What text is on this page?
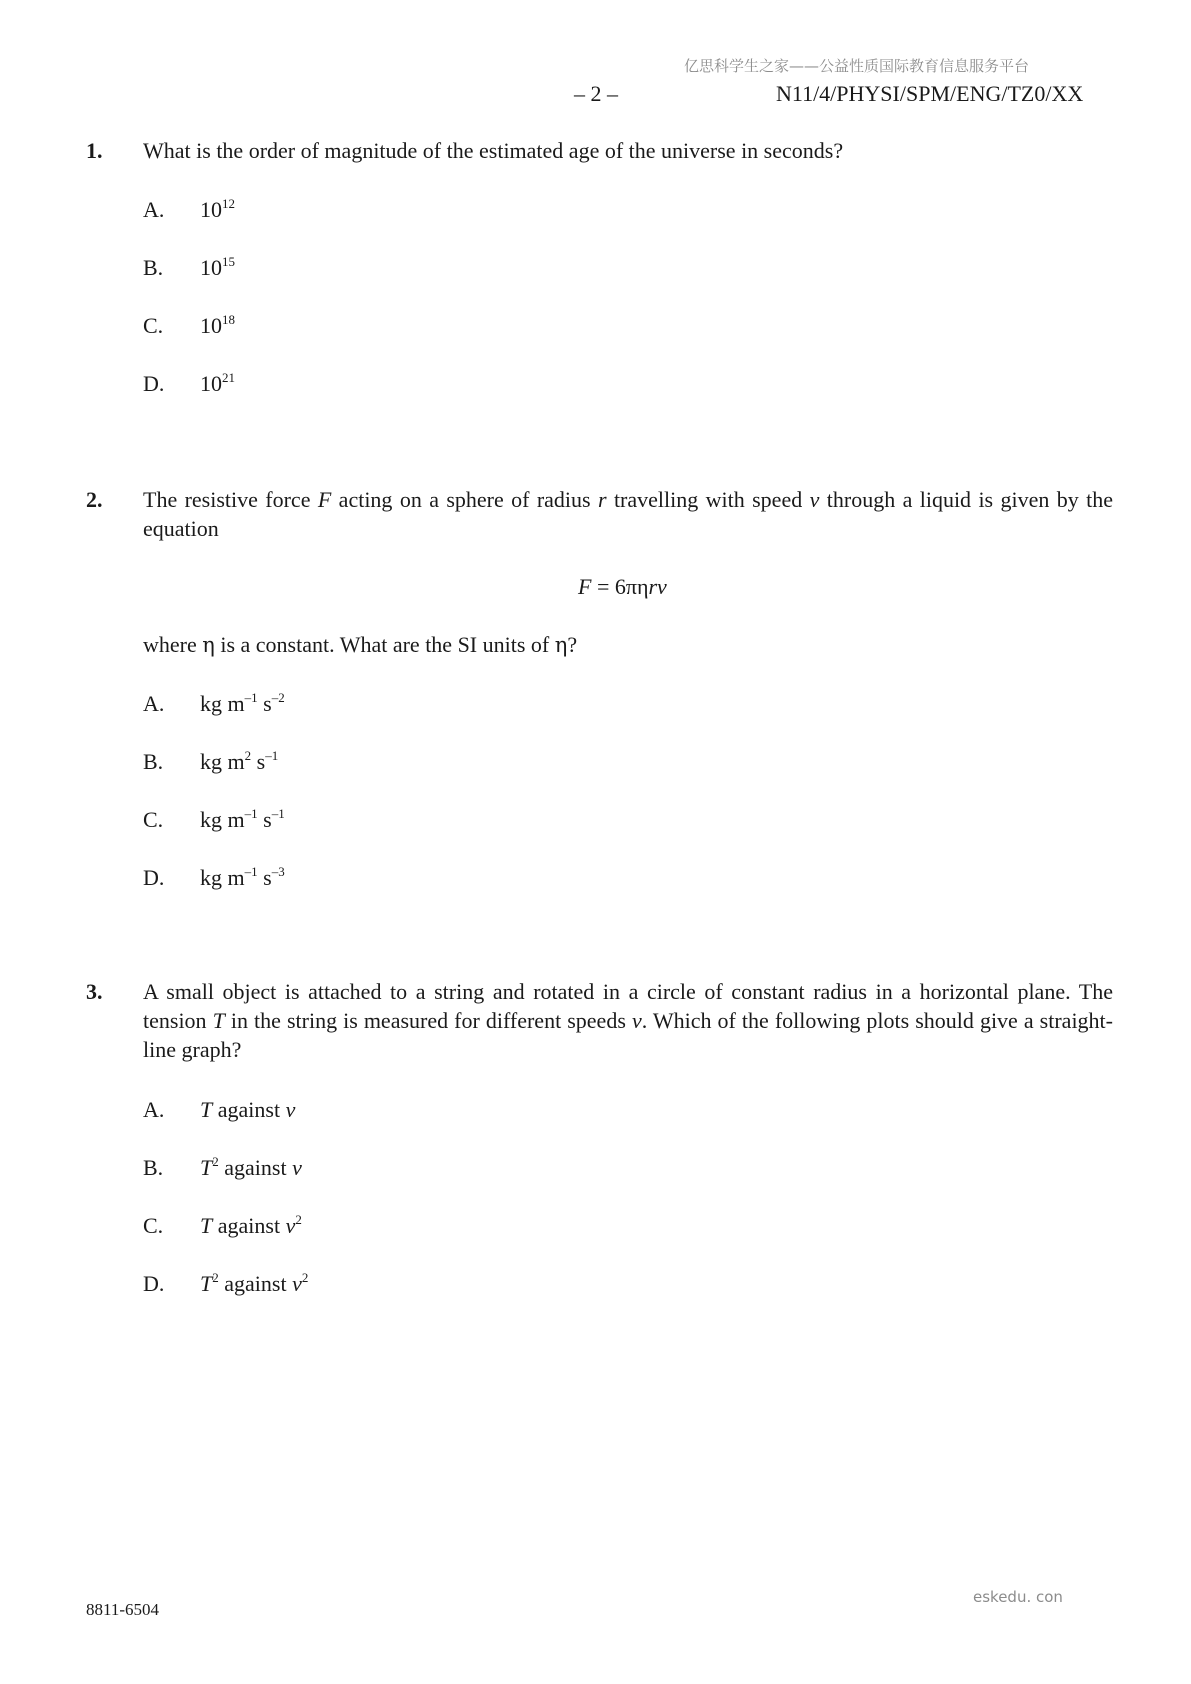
亿思科学生之家——公益性质国际教育信息服务平台
– 2 –	N11/4/PHYSI/SPM/ENG/TZ0/XX
1. What is the order of magnitude of the estimated age of the universe in seconds?
A. $10^{12}$
B. $10^{15}$
C. $10^{18}$
D. $10^{21}$
2. The resistive force F acting on a sphere of radius r travelling with speed v through a liquid is given by the equation
F = 6πηrv
where η is a constant. What are the SI units of η?
A. kg $m^{-1}$ $s^{-2}$
B. kg $m^2$ $s^{-1}$
C. kg $m^{-1}$ $s^{-1}$
D. kg $m^{-1}$ $s^{-3}$
3. A small object is attached to a string and rotated in a circle of constant radius in a horizontal plane. The tension T in the string is measured for different speeds v. Which of the following plots should give a straight-line graph?
A. T against v
B. $T^2$ against v
C. T against $v^2$
D. $T^2$ against $v^2$
8811-6504
eskedu. con
